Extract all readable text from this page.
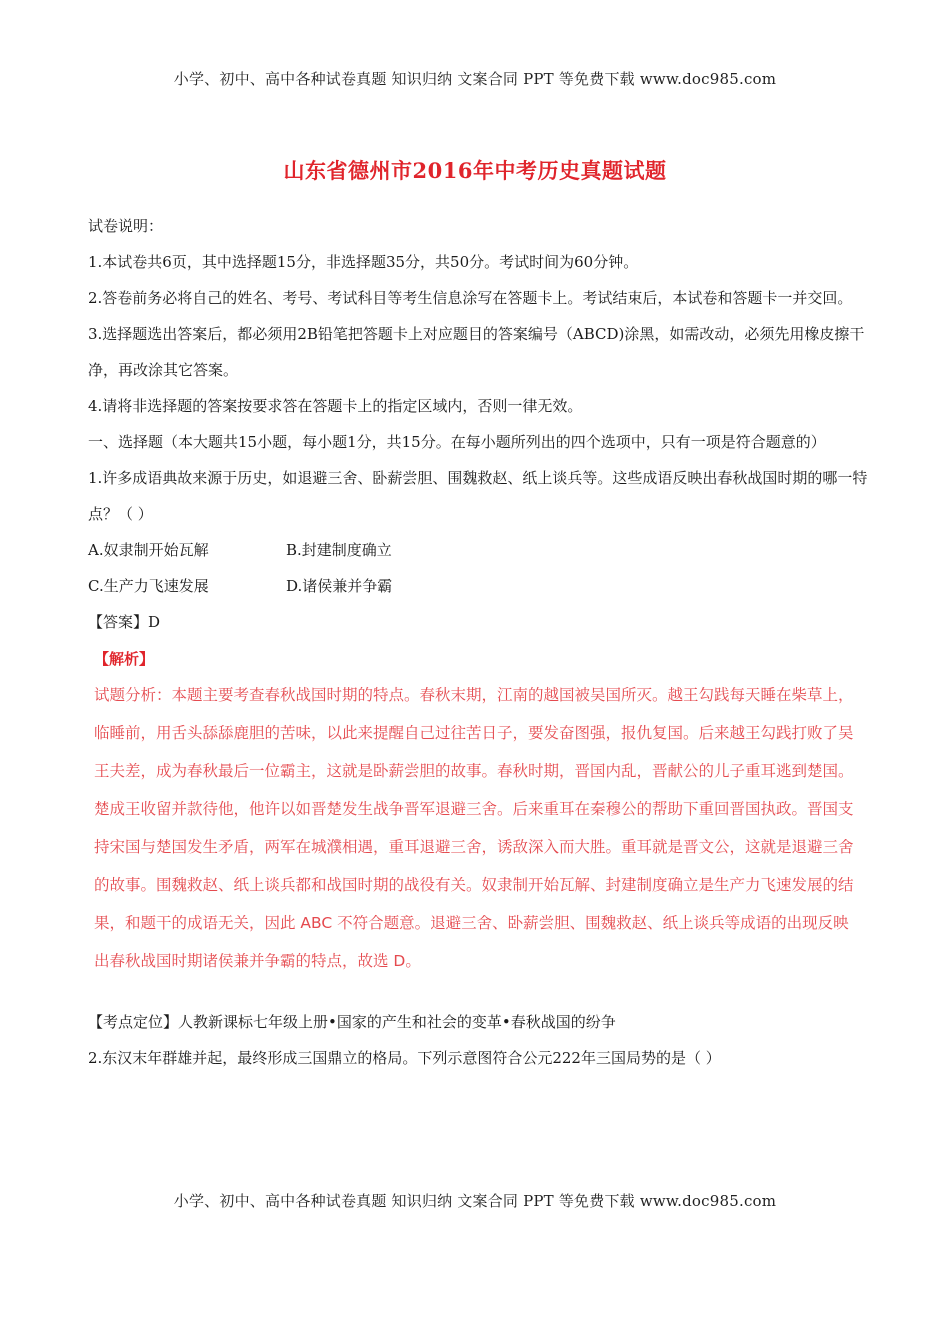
小学、初中、高中各种试卷真题 知识归纳 文案合同 PPT 等免费下载 www.doc985.com
山东省德州市2016年中考历史真题试题

试卷说明：

1.本试卷共6页，其中选择题15分，非选择题35分，共50分。考试时间为60分钟。

2.答卷前务必将自己的姓名、考号、考试科目等考生信息涂写在答题卡上。考试结束后，本试卷和答题卡一并交回。

3.选择题选出答案后，都必须用2B铅笔把答题卡上对应题目的答案编号（ABCD)涂黑，如需改动，必须先用橡皮擦干净，再改涂其它答案。

4.请将非选择题的答案按要求答在答题卡上的指定区域内，否则一律无效。

一、选择题（本大题共15小题，每小题1分，共15分。在每小题所列出的四个选项中，只有一项是符合题意的）

1.许多成语典故来源于历史，如退避三舍、卧薪尝胆、围魏救赵、纸上谈兵等。这些成语反映出春秋战国时期的哪一特点？（ ）

A.奴隶制开始瓦解	B.封建制度确立
C.生产力飞速发展	D.诸侯兼并争霸

【答案】D

【解析】
试题分析：本题主要考查春秋战国时期的特点。春秋末期，江南的越国被吴国所灭。越王勾践每天睡在柴草上，临睡前，用舌头舔舔鹿胆的苦味，以此来提醒自己过往苦日子，要发奋图强，报仇复国。后来越王勾践打败了吴王夫差，成为春秋最后一位霸主，这就是卧薪尝胆的故事。春秋时期，晋国内乱，晋献公的儿子重耳逃到楚国。楚成王收留并款待他，他许以如晋楚发生战争晋军退避三舍。后来重耳在秦穆公的帮助下重回晋国执政。晋国支持宋国与楚国发生矛盾，两军在城濮相遇，重耳退避三舍，诱敌深入而大胜。重耳就是晋文公，这就是退避三舍的故事。围魏救赵、纸上谈兵都和战国时期的战役有关。奴隶制开始瓦解、封建制度确立是生产力飞速发展的结果，和题干的成语无关，因此 ABC 不符合题意。退避三舍、卧薪尝胆、围魏救赵、纸上谈兵等成语的出现反映出春秋战国时期诸侯兼并争霸的特点，故选 D。

【考点定位】人教新课标七年级上册•国家的产生和社会的变革•春秋战国的纷争

2.东汉末年群雄并起，最终形成三国鼎立的格局。下列示意图符合公元222年三国局势的是（ ）

小学、初中、高中各种试卷真题 知识归纳 文案合同 PPT 等免费下载 www.doc985.com
